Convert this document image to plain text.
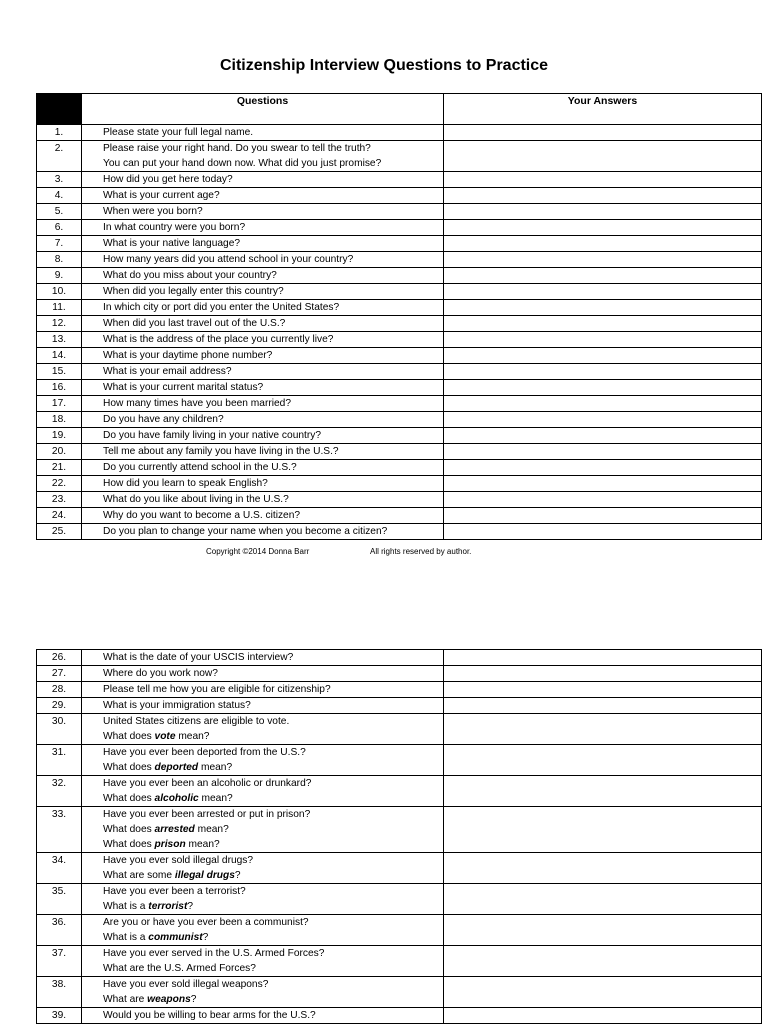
Citizenship Interview Questions to Practice
	Questions	Your Answers
1.	Please state your full legal name.	

2.	Please raise your right hand. Do you swear to tell the truth?
You can put your hand down now. What did you just promise?	

3.	How did you get here today?	

4.	What is your current age?	

5.	When were you born?	

6.	In what country were you born?	

7.	What is your native language?	

8.	How many years did you attend school in your country?	

9.	What do you miss about your country?	

10.	When did you legally enter this country?	

11.	In which city or port did you enter the United States?	

12.	When did you last travel out of the U.S.?	

13.	What is the address of the place you currently live?	

14.	What is your daytime phone number?	

15.	What is your email address?	

16.	What is your current marital status?	

17.	How many times have you been married?	

18.	Do you have any children?	

19.	Do you have family living in your native country?	

20.	Tell me about any family you have living in the U.S.?	

21.	Do you currently attend school in the U.S.?	

22.	How did you learn to speak English?	

23.	What do you like about living in the U.S.?	

24.	Why do you want to become a U.S. citizen?	

25.	Do you plan to change your name when you become a citizen?	

Copyright ©2014 Donna Barr	All rights reserved by author.
26.	What is the date of your USCIS interview?	

27.	Where do you work now?	

28.	Please tell me how you are eligible for citizenship?	

29.	What is your immigration status?	

30.	United States citizens are eligible to vote.
What does vote mean?	

31.	Have you ever been deported from the U.S.?
What does deported mean?	

32.	Have you ever been an alcoholic or drunkard?
What does alcoholic mean?	

33.	Have you ever been arrested or put in prison?
What does arrested mean?
What does prison mean?	

34.	Have you ever sold illegal drugs?
What are some illegal drugs?	

35.	Have you ever been a terrorist?
What is a terrorist?	

36.	Are you or have you ever been a communist?
What is a communist?	

37.	Have you ever served in the U.S. Armed Forces?
What are the U.S. Armed Forces?	

38.	Have you ever sold illegal weapons?
What are weapons?	

39.	Would you be willing to bear arms for the U.S.?	
